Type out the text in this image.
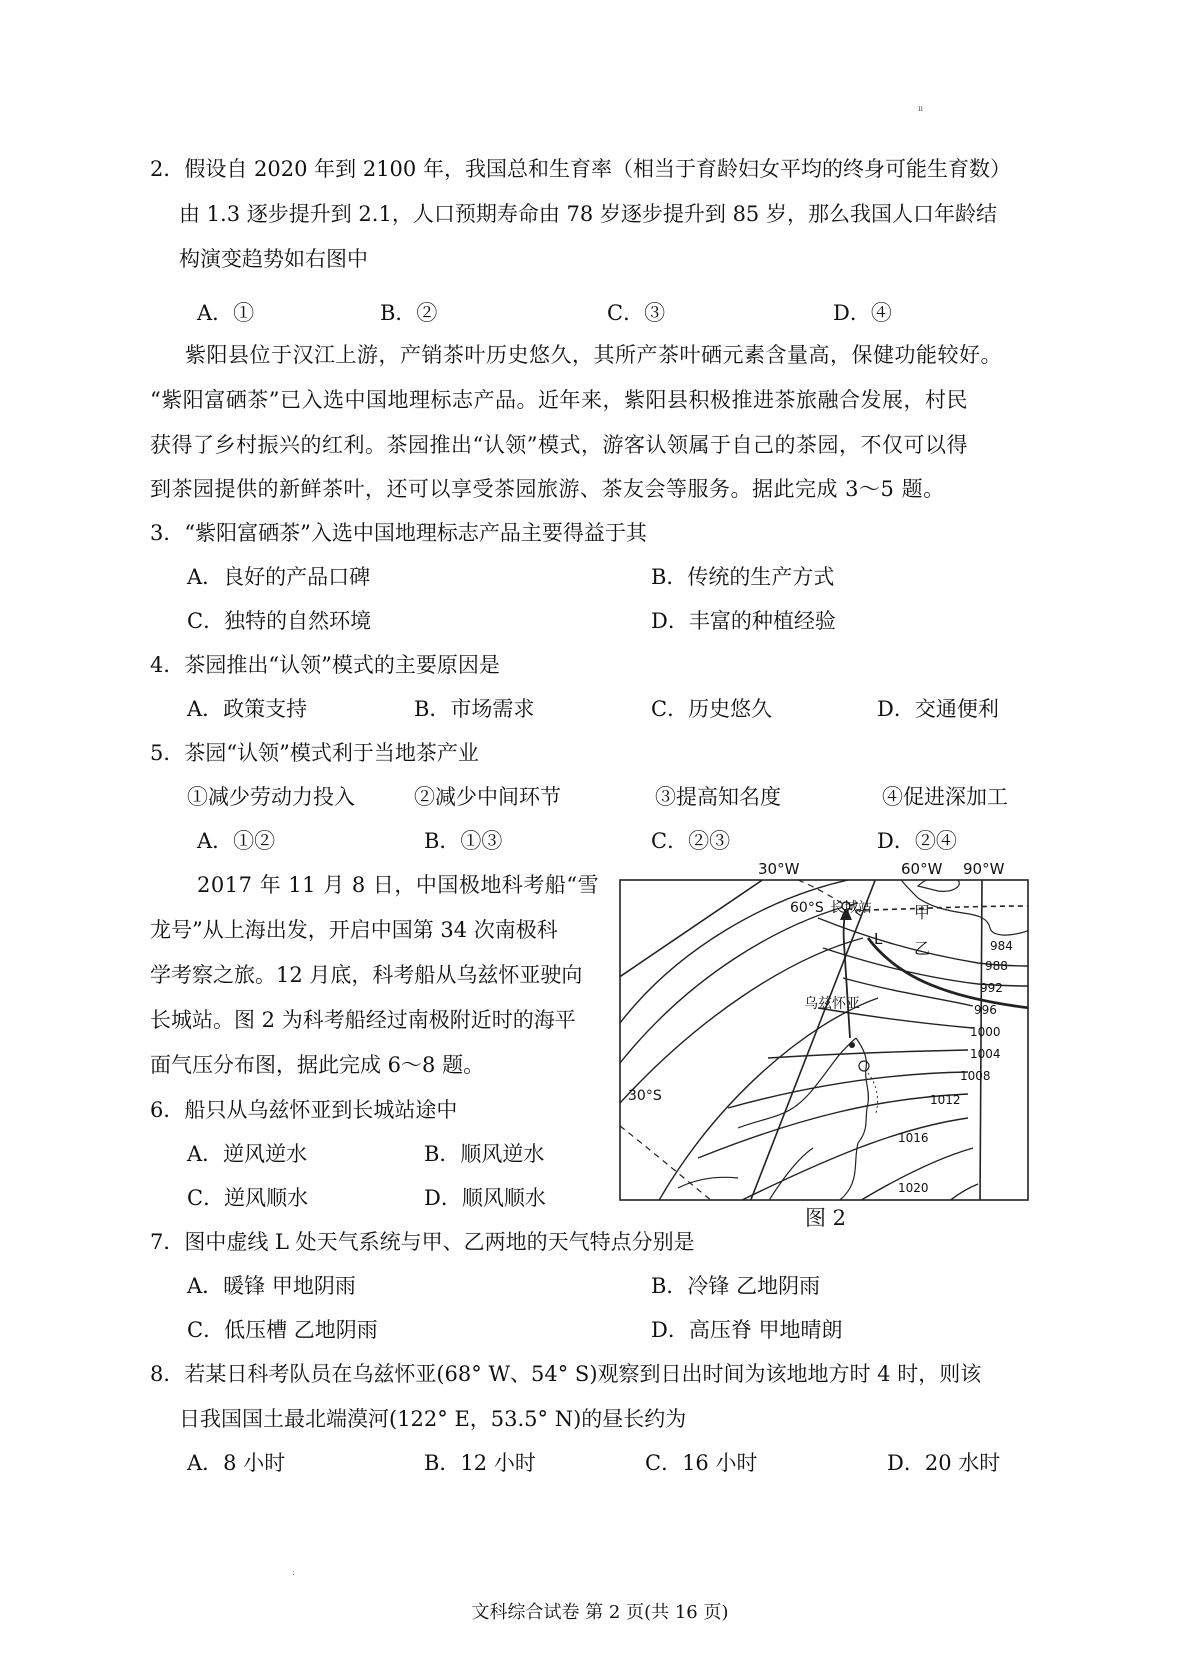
ıı
ː

2．假设自 2020 年到 2100 年，我国总和生育率（相当于育龄妇女平均的终身可能生育数）

由 1.3 逐步提升到 2.1，人口预期寿命由 78 岁逐步提升到 85 岁，那么我国人口年龄结

构演变趋势如右图中

A．①	B．②	C．③	D．④

紫阳县位于汉江上游，产销茶叶历史悠久，其所产茶叶硒元素含量高，保健功能较好。

“紫阳富硒茶”已入选中国地理标志产品。近年来，紫阳县积极推进茶旅融合发展，村民

获得了乡村振兴的红利。茶园推出“认领”模式，游客认领属于自己的茶园，不仅可以得

到茶园提供的新鲜茶叶，还可以享受茶园旅游、茶友会等服务。据此完成 3～5 题。

3．“紫阳富硒茶”入选中国地理标志产品主要得益于其

A．良好的产品口碑	B．传统的生产方式
C．独特的自然环境	D．丰富的种植经验

4．茶园推出“认领”模式的主要原因是

A．政策支持	B．市场需求	C．历史悠久	D．交通便利

5．茶园“认领”模式利于当地茶产业

①减少劳动力投入	②减少中间环节	③提高知名度	④促进深加工
A．①②	B．①③	C．②③	D．②④

2017 年 11 月 8 日，中国极地科考船“雪

龙号”从上海出发，开启中国第 34 次南极科

学考察之旅。12 月底，科考船从乌兹怀亚驶向

长城站。图 2 为科考船经过南极附近时的海平

面气压分布图，据此完成 6～8 题。

30°W	60°W 90°W
60°S 长城站
30°S
乌兹怀亚
甲
乙
L	984
988
992
996
1000
1004
1008
1012
1016
1020

6．船只从乌兹怀亚到长城站途中

A．逆风逆水	B．顺风逆水
C．逆风顺水	D．顺风顺水
图 2

7．图中虚线 L 处天气系统与甲、乙两地的天气特点分别是

A．暖锋 甲地阴雨	B．冷锋 乙地阴雨
C．低压槽 乙地阴雨	D．高压脊 甲地晴朗

8．若某日科考队员在乌兹怀亚(68° W、54° S)观察到日出时间为该地地方时 4 时，则该

日我国国土最北端漠河(122° E，53.5° N)的昼长约为

A．8 小时	B．12 小时	C．16 小时	D．20 水时
文科综合试卷 第 2 页(共 16 页)
